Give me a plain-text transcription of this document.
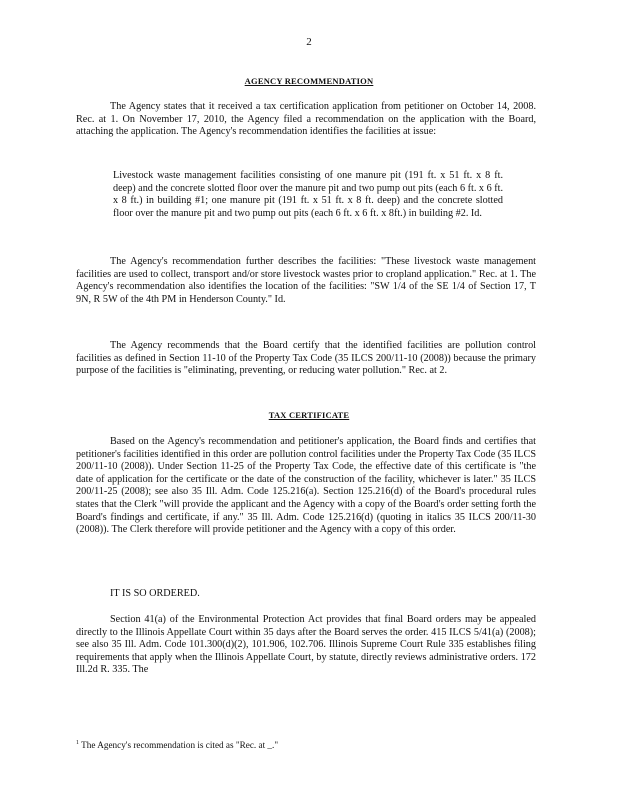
2
AGENCY RECOMMENDATION

The Agency states that it received a tax certification application from petitioner on October 14, 2008. Rec. at 1. On November 17, 2010, the Agency filed a recommendation on the application with the Board, attaching the application. The Agency's recommendation identifies the facilities at issue:

Livestock waste management facilities consisting of one manure pit (191 ft. x 51 ft. x 8 ft. deep) and the concrete slotted floor over the manure pit and two pump out pits (each 6 ft. x 6 ft. x 8 ft.) in building #1; one manure pit (191 ft. x 51 ft. x 8 ft. deep) and the concrete slotted floor over the manure pit and two pump out pits (each 6 ft. x 6 ft. x 8ft.) in building #2. Id.

The Agency's recommendation further describes the facilities: "These livestock waste management facilities are used to collect, transport and/or store livestock wastes prior to cropland application." Rec. at 1. The Agency's recommendation also identifies the location of the facilities: "SW 1/4 of the SE 1/4 of Section 17, T 9N, R 5W of the 4th PM in Henderson County." Id.

The Agency recommends that the Board certify that the identified facilities are pollution control facilities as defined in Section 11-10 of the Property Tax Code (35 ILCS 200/11-10 (2008)) because the primary purpose of the facilities is "eliminating, preventing, or reducing water pollution." Rec. at 2.

TAX CERTIFICATE

Based on the Agency's recommendation and petitioner's application, the Board finds and certifies that petitioner's facilities identified in this order are pollution control facilities under the Property Tax Code (35 ILCS 200/11-10 (2008)). Under Section 11-25 of the Property Tax Code, the effective date of this certificate is "the date of application for the certificate or the date of the construction of the facility, whichever is later." 35 ILCS 200/11-25 (2008); see also 35 Ill. Adm. Code 125.216(a). Section 125.216(d) of the Board's procedural rules states that the Clerk "will provide the applicant and the Agency with a copy of the Board's order setting forth the Board's findings and certificate, if any." 35 Ill. Adm. Code 125.216(d) (quoting in italics 35 ILCS 200/11-30 (2008)). The Clerk therefore will provide petitioner and the Agency with a copy of this order.

IT IS SO ORDERED.

Section 41(a) of the Environmental Protection Act provides that final Board orders may be appealed directly to the Illinois Appellate Court within 35 days after the Board serves the order. 415 ILCS 5/41(a) (2008); see also 35 Ill. Adm. Code 101.300(d)(2), 101.906, 102.706. Illinois Supreme Court Rule 335 establishes filing requirements that apply when the Illinois Appellate Court, by statute, directly reviews administrative orders. 172 Ill.2d R. 335. The

$^1$ The Agency's recommendation is cited as "Rec. at _."
